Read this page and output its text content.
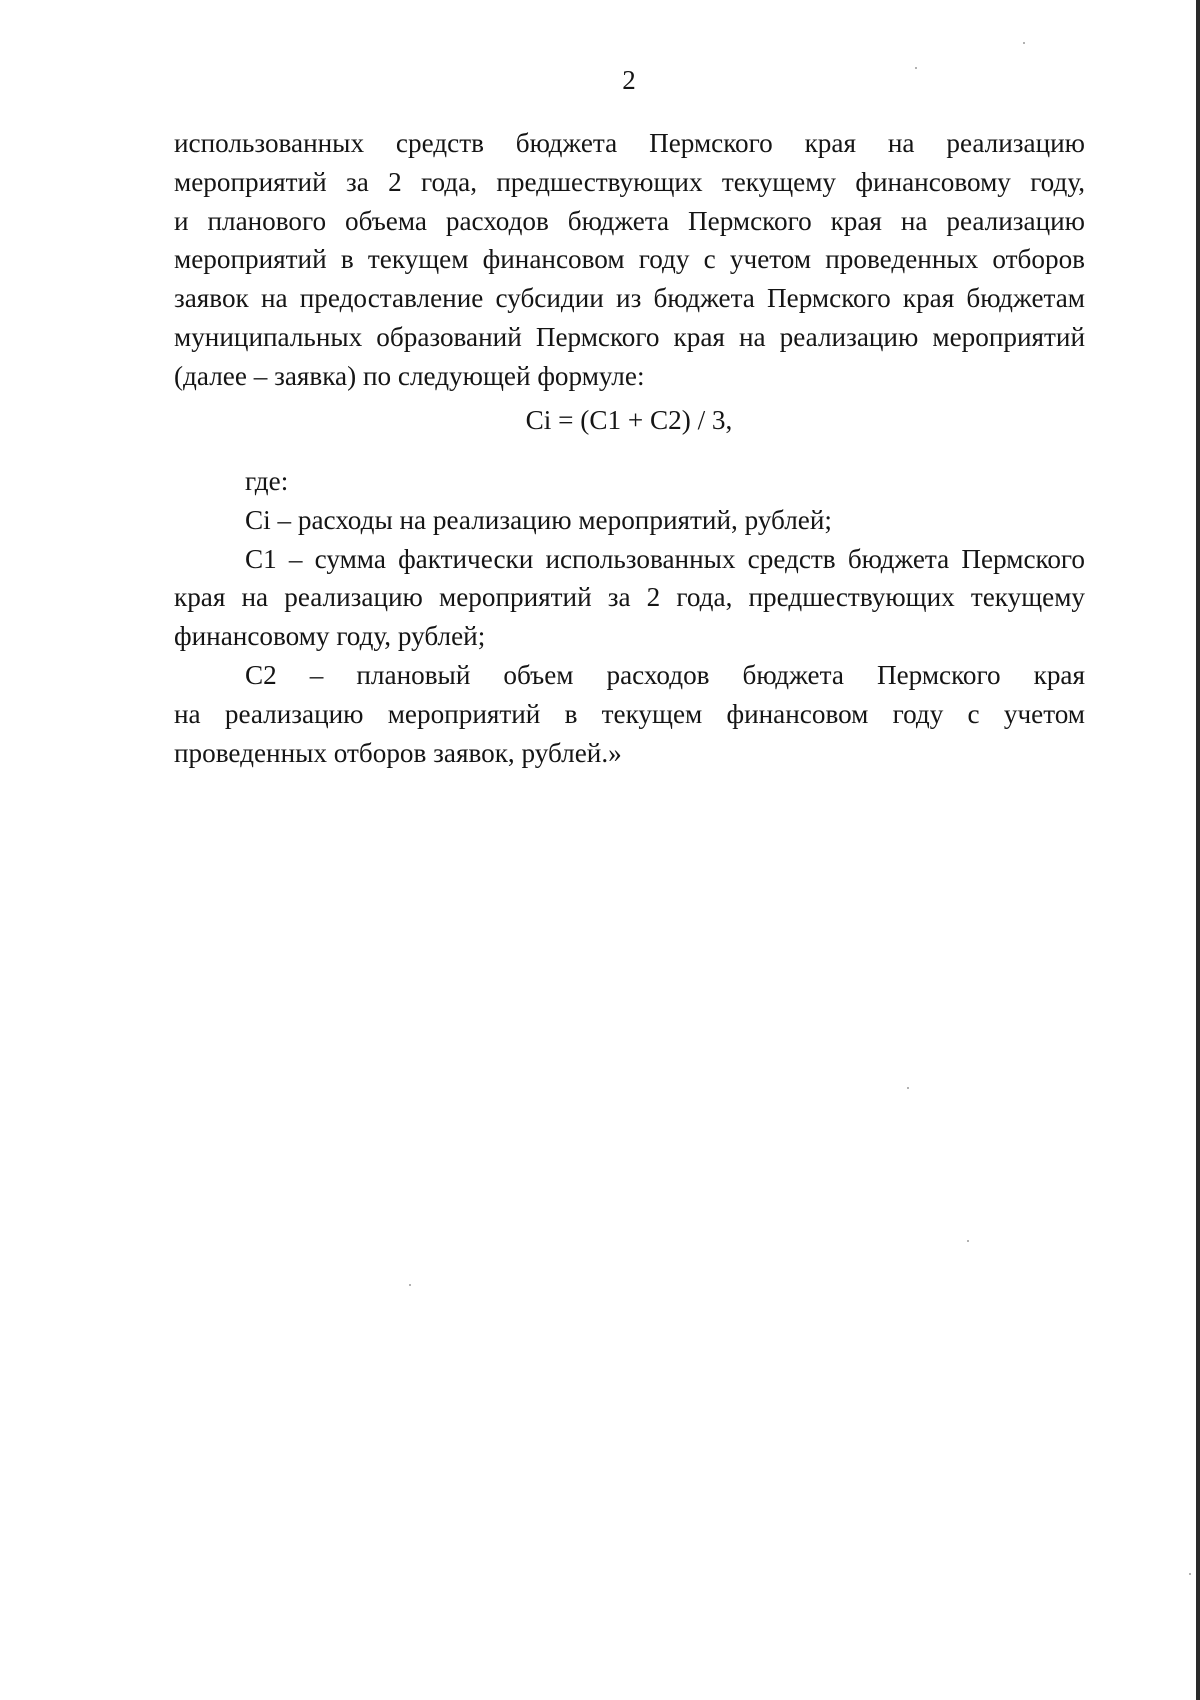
2
использованных средств бюджета Пермского края на реализацию
мероприятий за 2 года, предшествующих текущему финансовому году,
и планового объема расходов бюджета Пермского края на реализацию
мероприятий в текущем финансовом году с учетом проведенных отборов
заявок на предоставление субсидии из бюджета Пермского края бюджетам
муниципальных образований Пермского края на реализацию мероприятий
(далее – заявка) по следующей формуле:
Ci = (C1 + C2) / 3,
где:
Ci – расходы на реализацию мероприятий, рублей;
C1 – сумма фактически использованных средств бюджета Пермского
края на реализацию мероприятий за 2 года, предшествующих текущему
финансовому году, рублей;
C2 – плановый объем расходов бюджета Пермского края
на реализацию мероприятий в текущем финансовом году с учетом
проведенных отборов заявок, рублей.»
